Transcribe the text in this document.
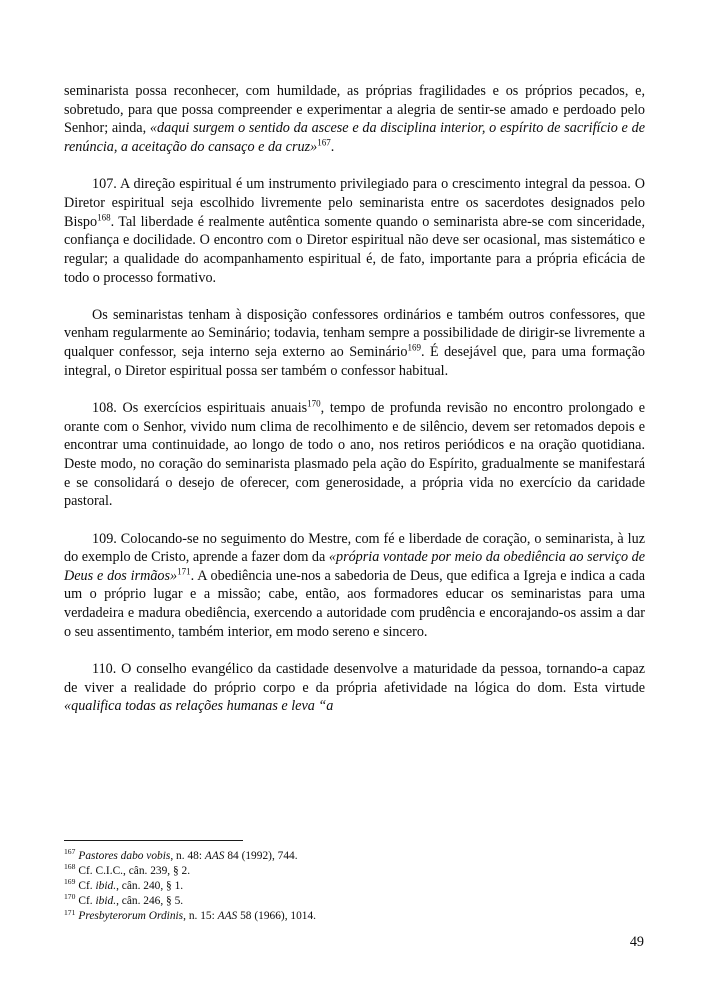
seminarista possa reconhecer, com humildade, as próprias fragilidades e os próprios pecados, e, sobretudo, para que possa compreender e experimentar a alegria de sentir-se amado e perdoado pelo Senhor; ainda, «daqui surgem o sentido da ascese e da disciplina interior, o espírito de sacrifício e de renúncia, a aceitação do cansaço e da cruz»$^{167}$.

107. A direção espiritual é um instrumento privilegiado para o crescimento integral da pessoa. O Diretor espiritual seja escolhido livremente pelo seminarista entre os sacerdotes designados pelo Bispo$^{168}$. Tal liberdade é realmente autêntica somente quando o seminarista abre-se com sinceridade, confiança e docilidade. O encontro com o Diretor espiritual não deve ser ocasional, mas sistemático e regular; a qualidade do acompanhamento espiritual é, de fato, importante para a própria eficácia de todo o processo formativo.

Os seminaristas tenham à disposição confessores ordinários e também outros confessores, que venham regularmente ao Seminário; todavia, tenham sempre a possibilidade de dirigir-se livremente a qualquer confessor, seja interno seja externo ao Seminário$^{169}$. É desejável que, para uma formação integral, o Diretor espiritual possa ser também o confessor habitual.

108. Os exercícios espirituais anuais$^{170}$, tempo de profunda revisão no encontro prolongado e orante com o Senhor, vivido num clima de recolhimento e de silêncio, devem ser retomados depois e encontrar uma continuidade, ao longo de todo o ano, nos retiros periódicos e na oração quotidiana. Deste modo, no coração do seminarista plasmado pela ação do Espírito, gradualmente se manifestará e se consolidará o desejo de oferecer, com generosidade, a própria vida no exercício da caridade pastoral.

109. Colocando-se no seguimento do Mestre, com fé e liberdade de coração, o seminarista, à luz do exemplo de Cristo, aprende a fazer dom da «própria vontade por meio da obediência ao serviço de Deus e dos irmãos»$^{171}$. A obediência une-nos a sabedoria de Deus, que edifica a Igreja e indica a cada um o próprio lugar e a missão; cabe, então, aos formadores educar os seminaristas para uma verdadeira e madura obediência, exercendo a autoridade com prudência e encorajando-os assim a dar o seu assentimento, também interior, em modo sereno e sincero.

110. O conselho evangélico da castidade desenvolve a maturidade da pessoa, tornando-a capaz de viver a realidade do próprio corpo e da própria afetividade na lógica do dom. Esta virtude «qualifica todas as relações humanas e leva “a

$^{167}$ Pastores dabo vobis, n. 48: AAS 84 (1992), 744.
$^{168}$ Cf. C.I.C., cân. 239, § 2.
$^{169}$ Cf. ibid., cân. 240, § 1.
$^{170}$ Cf. ibid., cân. 246, § 5.
$^{171}$ Presbyterorum Ordinis, n. 15: AAS 58 (1966), 1014.
49
